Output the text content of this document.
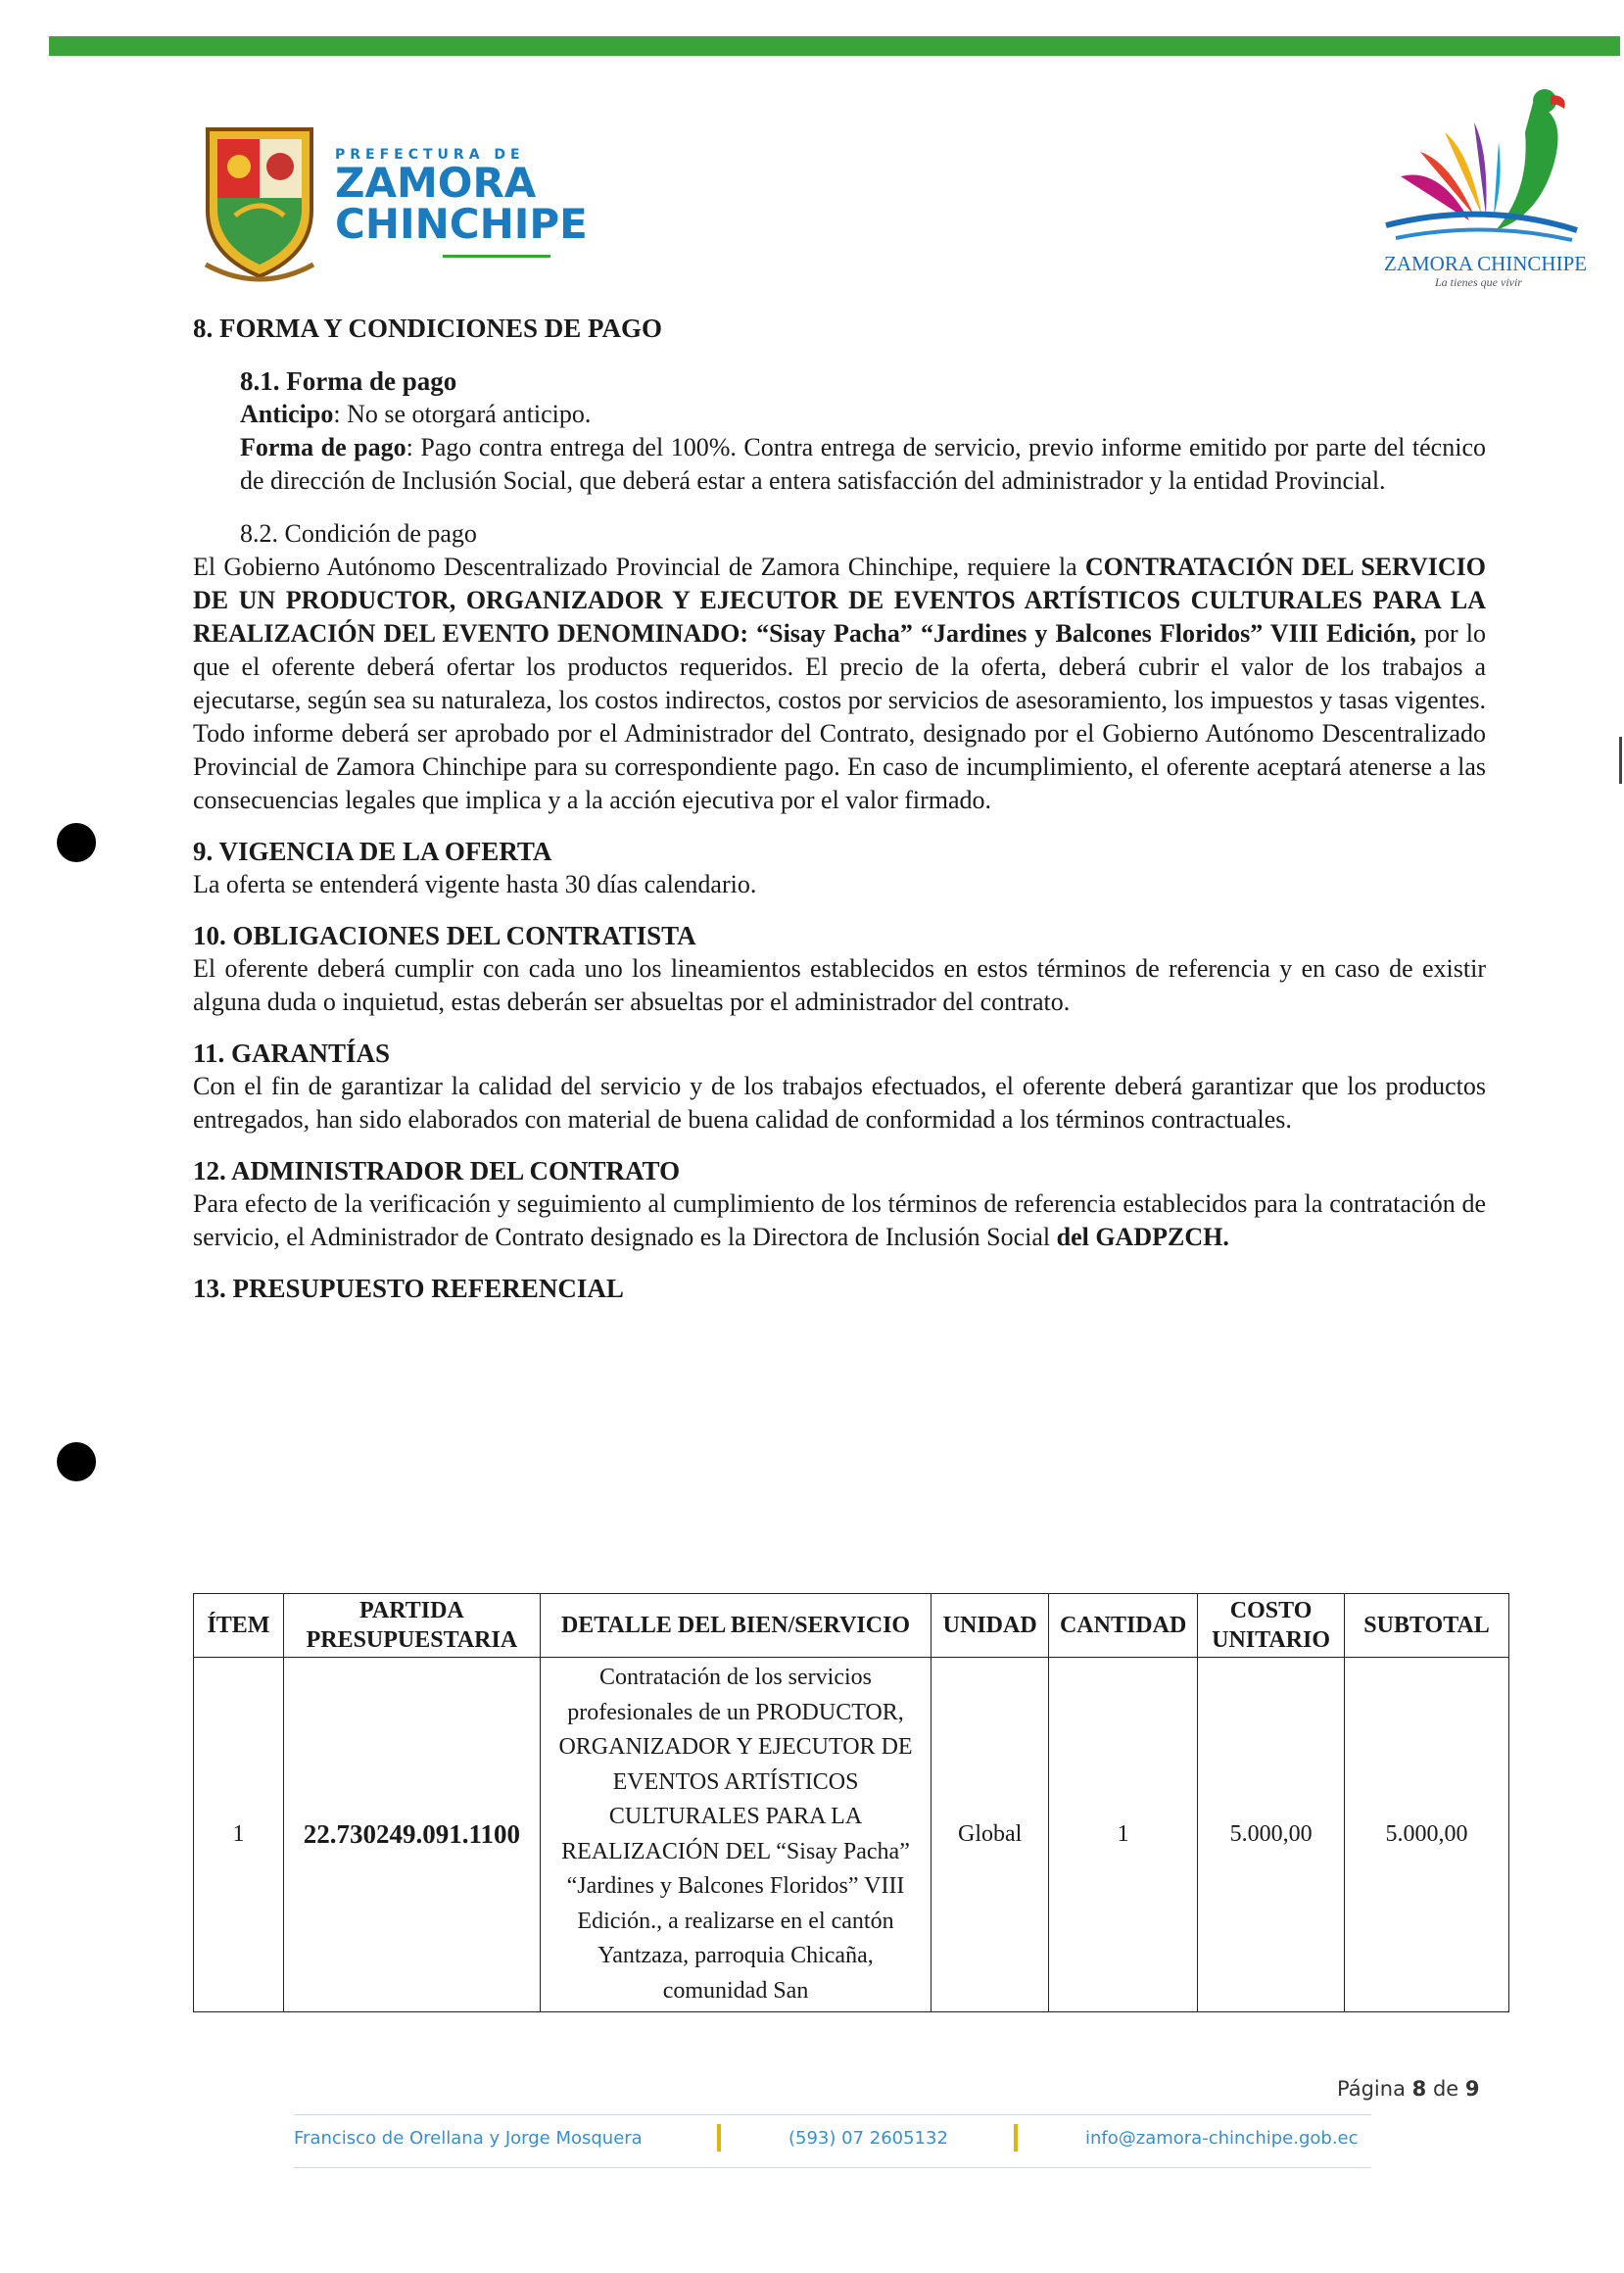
PREFECTURA DE
ZAMORA
CHINCHIPE
ZAMORA CHINCHIPE
La tienes que vivir
8. FORMA Y CONDICIONES DE PAGO
8.1. Forma de pago

Anticipo: No se otorgará anticipo.

Forma de pago: Pago contra entrega del 100%. Contra entrega de servicio, previo informe emitido por parte del técnico de dirección de Inclusión Social, que deberá estar a entera satisfacción del administrador y la entidad Provincial.

8.2. Condición de pago

El Gobierno Autónomo Descentralizado Provincial de Zamora Chinchipe, requiere la CONTRATACIÓN DEL SERVICIO DE UN PRODUCTOR, ORGANIZADOR Y EJECUTOR DE EVENTOS ARTÍSTICOS CULTURALES PARA LA REALIZACIÓN DEL EVENTO DENOMINADO: “Sisay Pacha” “Jardines y Balcones Floridos” VIII Edición, por lo que el oferente deberá ofertar los productos requeridos. El precio de la oferta, deberá cubrir el valor de los trabajos a ejecutarse, según sea su naturaleza, los costos indirectos, costos por servicios de asesoramiento, los impuestos y tasas vigentes. Todo informe deberá ser aprobado por el Administrador del Contrato, designado por el Gobierno Autónomo Descentralizado Provincial de Zamora Chinchipe para su correspondiente pago. En caso de incumplimiento, el oferente aceptará atenerse a las consecuencias legales que implica y a la acción ejecutiva por el valor firmado.

9. VIGENCIA DE LA OFERTA

La oferta se entenderá vigente hasta 30 días calendario.

10. OBLIGACIONES DEL CONTRATISTA

El oferente deberá cumplir con cada uno los lineamientos establecidos en estos términos de referencia y en caso de existir alguna duda o inquietud, estas deberán ser absueltas por el administrador del contrato.

11. GARANTÍAS

Con el fin de garantizar la calidad del servicio y de los trabajos efectuados, el oferente deberá garantizar que los productos entregados, han sido elaborados con material de buena calidad de conformidad a los términos contractuales.

12. ADMINISTRADOR DEL CONTRATO

Para efecto de la verificación y seguimiento al cumplimiento de los términos de referencia establecidos para la contratación de servicio, el Administrador de Contrato designado es la Directora de Inclusión Social del GADPZCH.

13. PRESUPUESTO REFERENCIAL
ÍTEM	PARTIDA PRESUPUESTARIA	DETALLE DEL BIEN/SERVICIO	UNIDAD	CANTIDAD	COSTO UNITARIO	SUBTOTAL
1	22.730249.091.1100	Contratación de los servicios profesionales de un PRODUCTOR, ORGANIZADOR Y EJECUTOR DE EVENTOS ARTÍSTICOS CULTURALES PARA LA REALIZACIÓN DEL “Sisay Pacha” “Jardines y Balcones Floridos” VIII Edición., a realizarse en el cantón Yantzaza, parroquia Chicaña, comunidad San	Global	1	5.000,00	5.000,00
Página 8 de 9
Francisco de Orellana y Jorge Mosquera	(593) 07 2605132	info@zamora-chinchipe.gob.ec
